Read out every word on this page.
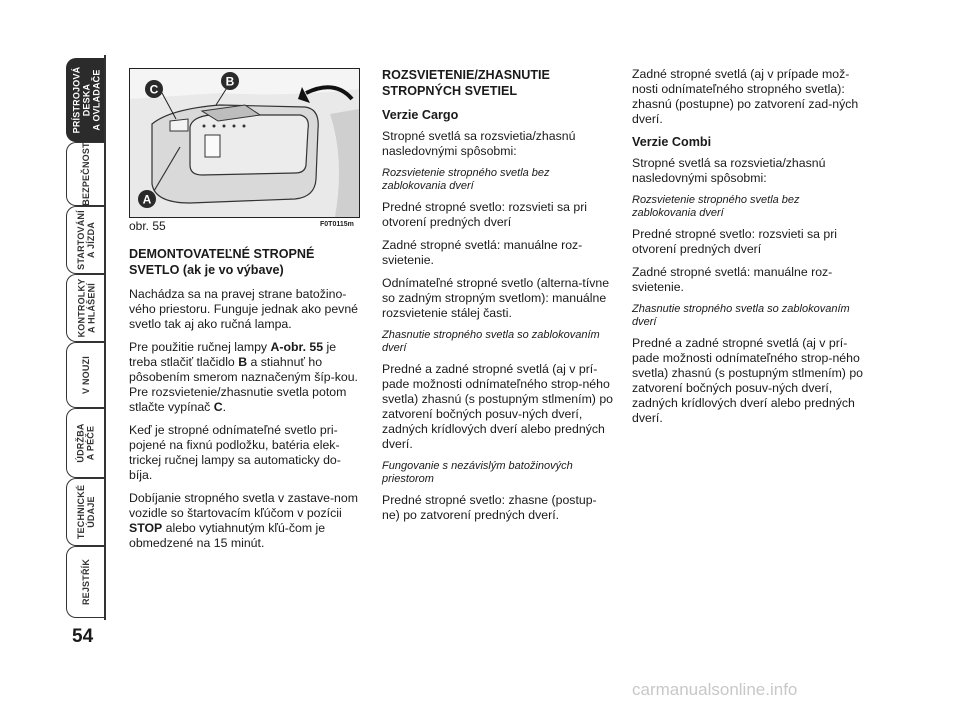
PRÍSTROJOVÁ
DESKA
A OVLADAČE
BEZPEČNOST
STARTOVÁNÍ
A JÍZDA
KONTROLKY
A HLÁŠENÍ
V NOUZI
ÚDRŽBA
A PÉČE
TECHNICKÉ
ÚDAJE
REJSTŘÍK
54
B
C
A
obr. 55	F0T0115m
DEMONTOVATEĽNÉ STROPNÉ
SVETLO (ak je vo výbave)

Nachádza sa na pravej strane batožino-vého priestoru. Funguje jednak ako pevné svetlo tak aj ako ručná lampa.

Pre použitie ručnej lampy A-obr. 55 je treba stlačiť tlačidlo B a stiahnuť ho pôsobením smerom naznačeným šíp-kou. Pre rozsvietenie/zhasnutie svetla potom stlačte vypínač C.

Keď je stropné odnímateľné svetlo pri-pojené na fixnú podložku, batéria elek-trickej ručnej lampy sa automaticky do-bíja.

Dobíjanie stropného svetla v zastave-nom vozidle so štartovacím kľúčom v pozícii STOP alebo vytiahnutým kľú-čom je obmedzené na 15 minút.

ROZSVIETENIE/ZHASNUTIE
STROPNÝCH SVETIEL
Verzie Cargo

Stropné svetlá sa rozsvietia/zhasnú nasledovnými spôsobmi:

Rozsvietenie stropného svetla bez zablokovania dverí

Predné stropné svetlo: rozsvieti sa pri otvorení predných dverí

Zadné stropné svetlá: manuálne roz-svietenie.

Odnímateľné stropné svetlo (alterna-tívne so zadným stropným svetlom): manuálne rozsvietenie stálej časti.

Zhasnutie stropného svetla so zablokovaním dverí

Predné a zadné stropné svetlá (aj v prí-pade možnosti odnímateľného strop-ného svetla) zhasnú (s postupným stlmením) po zatvorení bočných posuv-ných dverí, zadných krídlových dverí alebo predných dverí.

Fungovanie s nezávislým batožinových priestorom

Predné stropné svetlo: zhasne (postup-ne) po zatvorení predných dverí.

Zadné stropné svetlá (aj v prípade mož-nosti odnímateľného stropného svetla): zhasnú (postupne) po zatvorení zad-ných dverí.

Verzie Combi

Stropné svetlá sa rozsvietia/zhasnú nasledovnými spôsobmi:

Rozsvietenie stropného svetla bez zablokovania dverí

Predné stropné svetlo: rozsvieti sa pri otvorení predných dverí

Zadné stropné svetlá: manuálne roz-svietenie.

Zhasnutie stropného svetla so zablokovaním dverí

Predné a zadné stropné svetlá (aj v prí-pade možnosti odnímateľného strop-ného svetla) zhasnú (s postupným stlmením) po zatvorení bočných posuv-ných dverí, zadných krídlových dverí alebo predných dverí.

carmanualsonline.info
